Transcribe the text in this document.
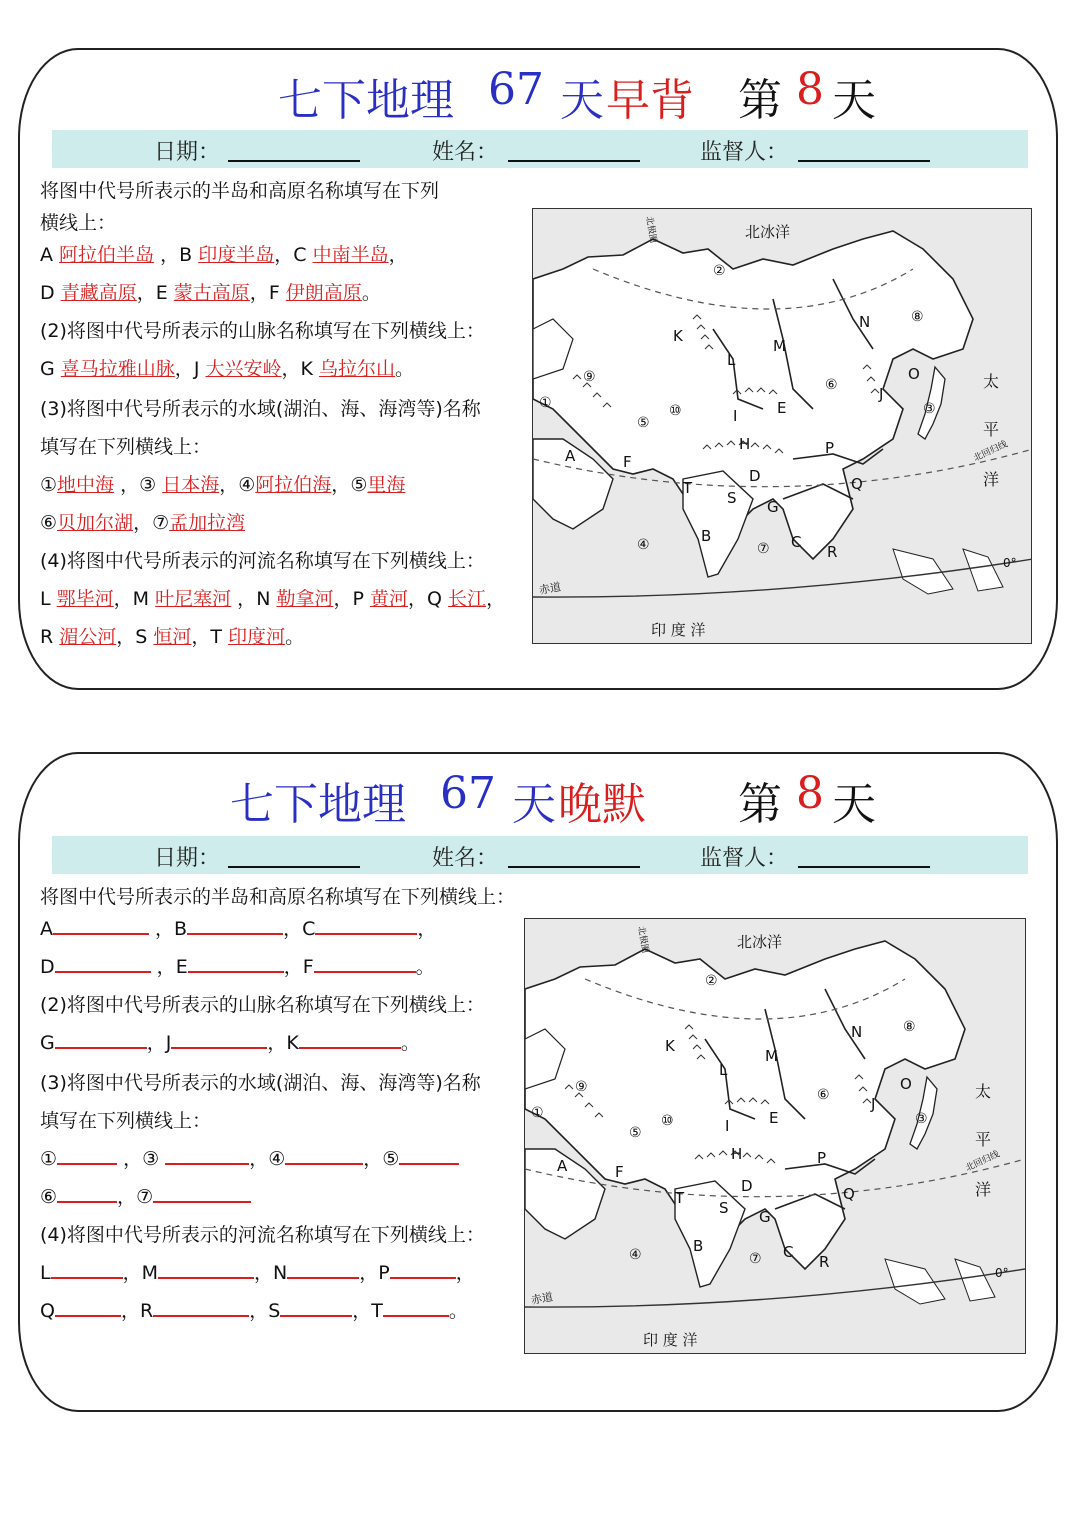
七下地理 67 天 早背 第 8 天
日期：	姓名：	监督人：
将图中代号所表示的半岛和高原名称填写在下列
横线上：
A 阿拉伯半岛 ，B 印度半岛，C 中南半岛，
D 青藏高原，E 蒙古高原，F 伊朗高原。
(2)将图中代号所表示的山脉名称填写在下列横线上：
G 喜马拉雅山脉，J 大兴安岭，K 乌拉尔山。
(3)将图中代号所表示的水域(湖泊、海、海湾等)名称
填写在下列横线上：
①地中海 ，③ 日本海，④阿拉伯海，⑤里海
⑥贝加尔湖，⑦孟加拉湾
(4)将图中代号所表示的河流名称填写在下列横线上：
L 鄂毕河，M 叶尼塞河 ，N 勒拿河，P 黄河，Q 长江，
R 湄公河，S 恒河，T 印度河。
北冰洋
北极圈
太
平
洋
北回归线
赤道
0°
印 度 洋
A
B	C
D
E
F
G
H
I
J
K
L
M
N
O
P
Q
R
S
T
①
②
③
④
⑤
⑥
⑦
⑧
⑨
⑩
七下地理 67 天 晚默 第 8 天
日期：	姓名：	监督人：
将图中代号所表示的半岛和高原名称填写在下列横线上：
A	，B	，C	，
D	，E	，F	。
(2)将图中代号所表示的山脉名称填写在下列横线上：
G	，J	，K	。
(3)将图中代号所表示的水域(湖泊、海、海湾等)名称
填写在下列横线上：
①	，③	，④	，⑤
⑥	，⑦
(4)将图中代号所表示的河流名称填写在下列横线上：
L	，M	，N	，P	，
Q	，R	，S	，T	。
北冰洋
北极圈
太
平
洋
北回归线
赤道
0°
印 度 洋
A
B	C
D
E
F
G
H
I
J
K
L
M
N
O
P
Q
R
S
T
①
②
③
④
⑤
⑥
⑦
⑧
⑨
⑩
